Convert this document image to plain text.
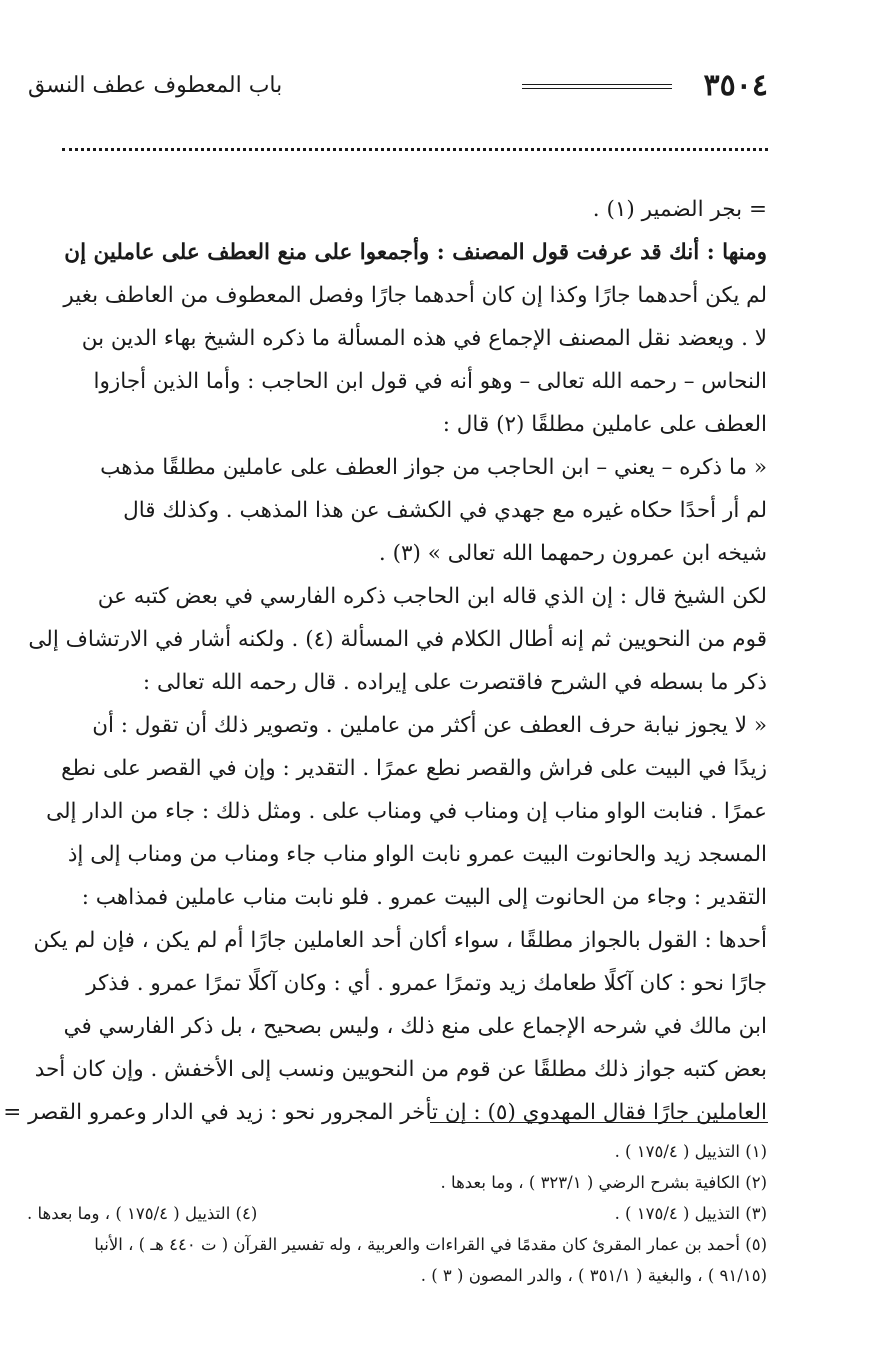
٣٥٠٤
باب المعطوف عطف النسق

= بجر الضمير (١) .

ومنها : أنك قد عرفت قول المصنف : وأجمعوا على منع العطف على عاملين إن

لم يكن أحدهما جارًا وكذا إن كان أحدهما جارًا وفصل المعطوف من العاطف بغير

لا . ويعضد نقل المصنف الإجماع في هذه المسألة ما ذكره الشيخ بهاء الدين بن

النحاس – رحمه الله تعالى – وهو أنه في قول ابن الحاجب : وأما الذين أجازوا

العطف على عاملين مطلقًا (٢) قال :

« ما ذكره – يعني – ابن الحاجب من جواز العطف على عاملين مطلقًا مذهب

لم أر أحدًا حكاه غيره مع جهدي في الكشف عن هذا المذهب . وكذلك قال

شيخه ابن عمرون رحمهما الله تعالى » (٣) .

لكن الشيخ قال : إن الذي قاله ابن الحاجب ذكره الفارسي في بعض كتبه عن

قوم من النحويين ثم إنه أطال الكلام في المسألة (٤) . ولكنه أشار في الارتشاف إلى

ذكر ما بسطه في الشرح فاقتصرت على إيراده . قال رحمه الله تعالى :

« لا يجوز نيابة حرف العطف عن أكثر من عاملين . وتصوير ذلك أن تقول : أن

زيدًا في البيت على فراش والقصر نطع عمرًا . التقدير : وإن في القصر على نطع

عمرًا . فنابت الواو مناب إن ومناب في ومناب على . ومثل ذلك : جاء من الدار إلى

المسجد زيد والحانوت البيت عمرو نابت الواو مناب جاء ومناب من ومناب إلى إذ

التقدير : وجاء من الحانوت إلى البيت عمرو . فلو نابت مناب عاملين فمذاهب :

أحدها : القول بالجواز مطلقًا ، سواء أكان أحد العاملين جارًا أم لم يكن ، فإن لم يكن

جارًا نحو : كان آكلًا طعامك زيد وتمرًا عمرو . أي : وكان آكلًا تمرًا عمرو . فذكر

ابن مالك في شرحه الإجماع على منع ذلك ، وليس بصحيح ، بل ذكر الفارسي في

بعض كتبه جواز ذلك مطلقًا عن قوم من النحويين ونسب إلى الأخفش . وإن كان أحد

العاملين جارًا فقال المهدوي (٥) : إن تأخر المجرور نحو : زيد في الدار وعمرو القصر =

(١) التذييل ( ١٧٥/٤ ) .
(٢) الكافية بشرح الرضي ( ٣٢٣/١ ) ، وما بعدها .
(٣) التذييل ( ١٧٥/٤ ) .
(٤) التذييل ( ١٧٥/٤ ) ، وما بعدها .
(٥) أحمد بن عمار المقرئ كان مقدمًا في القراءات والعربية ، وله تفسير القرآن ( ت ٤٤٠ هـ ) ، الأنبا
(٩١/١٥ ) ، والبغية ( ٣٥١/١ ) ، والدر المصون ( ٣ ) .
